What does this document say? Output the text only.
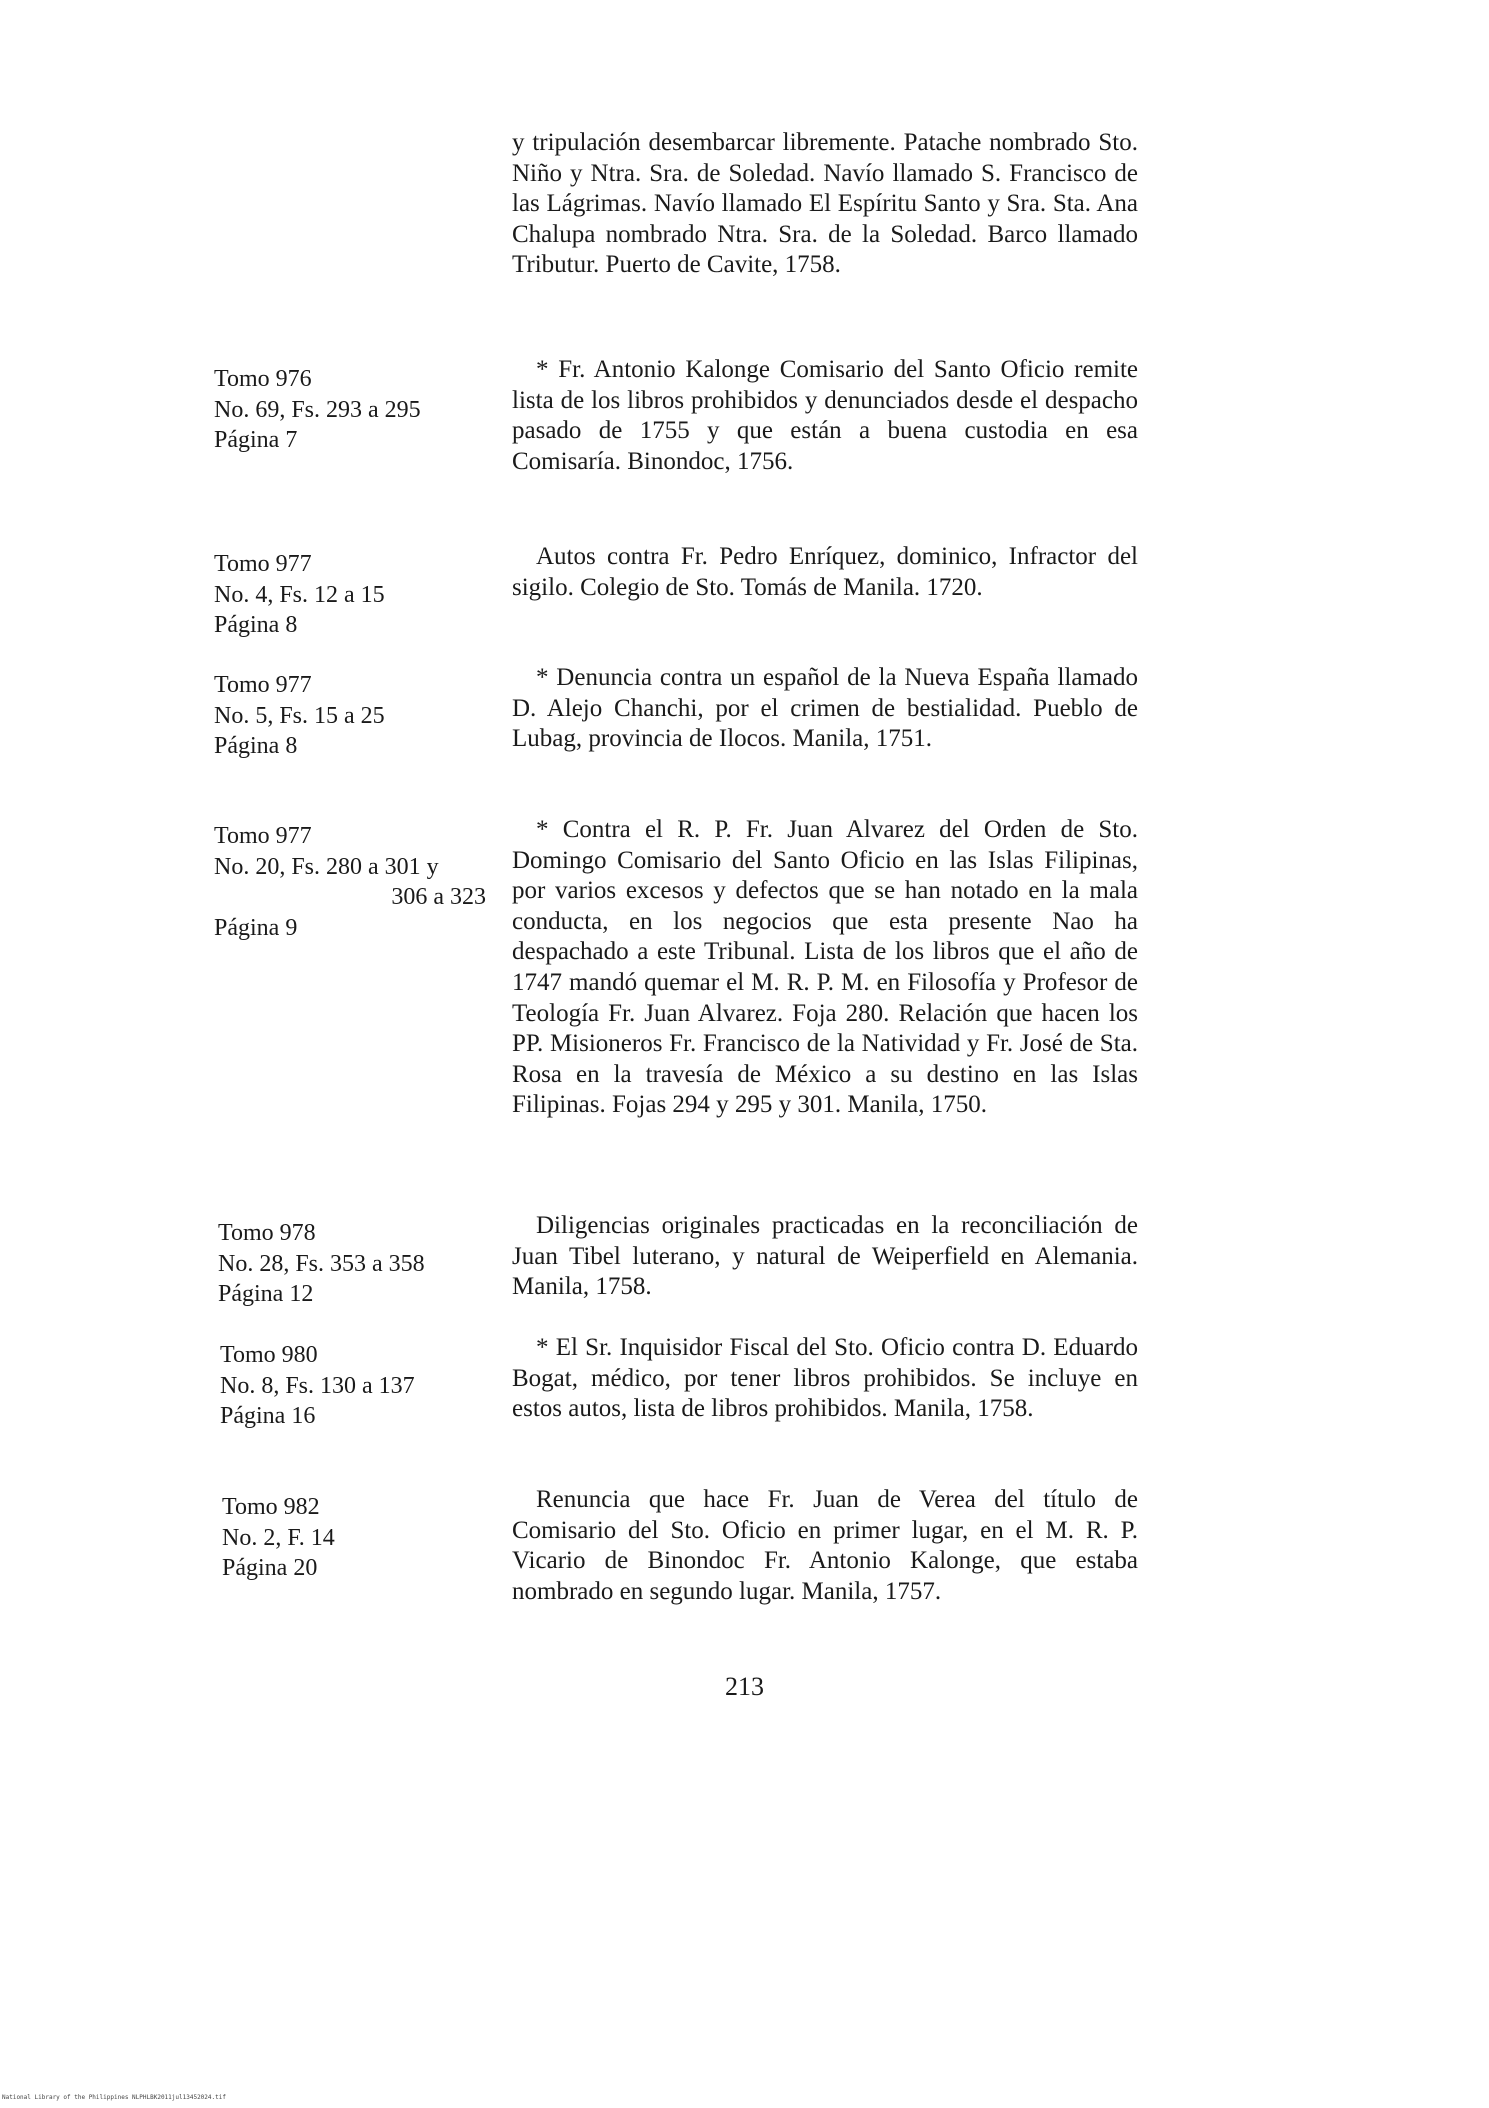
y tripulación desembarcar libremente. Patache nombrado Sto. Niño y Ntra. Sra. de Soledad. Navío llamado S. Francisco de las Lágrimas. Navío llamado El Espíritu Santo y Sra. Sta. Ana Chalupa nombrado Ntra. Sra. de la Soledad. Barco llamado Tributur. Puerto de Cavite, 1758.

Tomo 976
No. 69, Fs. 293 a 295
Página 7

* Fr. Antonio Kalonge Comisario del Santo Oficio remite lista de los libros prohibidos y denunciados desde el despacho pasado de 1755 y que están a buena custodia en esa Comisaría. Binondoc, 1756.

Tomo 977
No. 4, Fs. 12 a 15
Página 8

Autos contra Fr. Pedro Enríquez, dominico, Infractor del sigilo. Colegio de Sto. Tomás de Manila. 1720.

Tomo 977
No. 5, Fs. 15 a 25
Página 8

* Denuncia contra un español de la Nueva España llamado D. Alejo Chanchi, por el crimen de bestialidad. Pueblo de Lubag, provincia de Ilocos. Manila, 1751.

Tomo 977
No. 20, Fs. 280 a 301 y
306 a 323
Página 9

* Contra el R. P. Fr. Juan Alvarez del Orden de Sto. Domingo Comisario del Santo Oficio en las Islas Filipinas, por varios excesos y defectos que se han notado en la mala conducta, en los negocios que esta presente Nao ha despachado a este Tribunal. Lista de los libros que el año de 1747 mandó quemar el M. R. P. M. en Filosofía y Profesor de Teología Fr. Juan Alvarez. Foja 280. Relación que hacen los PP. Misioneros Fr. Francisco de la Natividad y Fr. José de Sta. Rosa en la travesía de México a su destino en las Islas Filipinas. Fojas 294 y 295 y 301. Manila, 1750.

Tomo 978
No. 28, Fs. 353 a 358
Página 12

Diligencias originales practicadas en la reconciliación de Juan Tibel luterano, y natural de Weiperfield en Alemania. Manila, 1758.

Tomo 980
No. 8, Fs. 130 a 137
Página 16

* El Sr. Inquisidor Fiscal del Sto. Oficio contra D. Eduardo Bogat, médico, por tener libros prohibidos. Se incluye en estos autos, lista de libros prohibidos. Manila, 1758.

Tomo 982
No. 2, F. 14
Página 20

Renuncia que hace Fr. Juan de Verea del título de Comisario del Sto. Oficio en primer lugar, en el M. R. P. Vicario de Binondoc Fr. Antonio Kalonge, que estaba nombrado en segundo lugar. Manila, 1757.

213
National Library of the Philippines NLPHLBK2011jul13452024.tif
